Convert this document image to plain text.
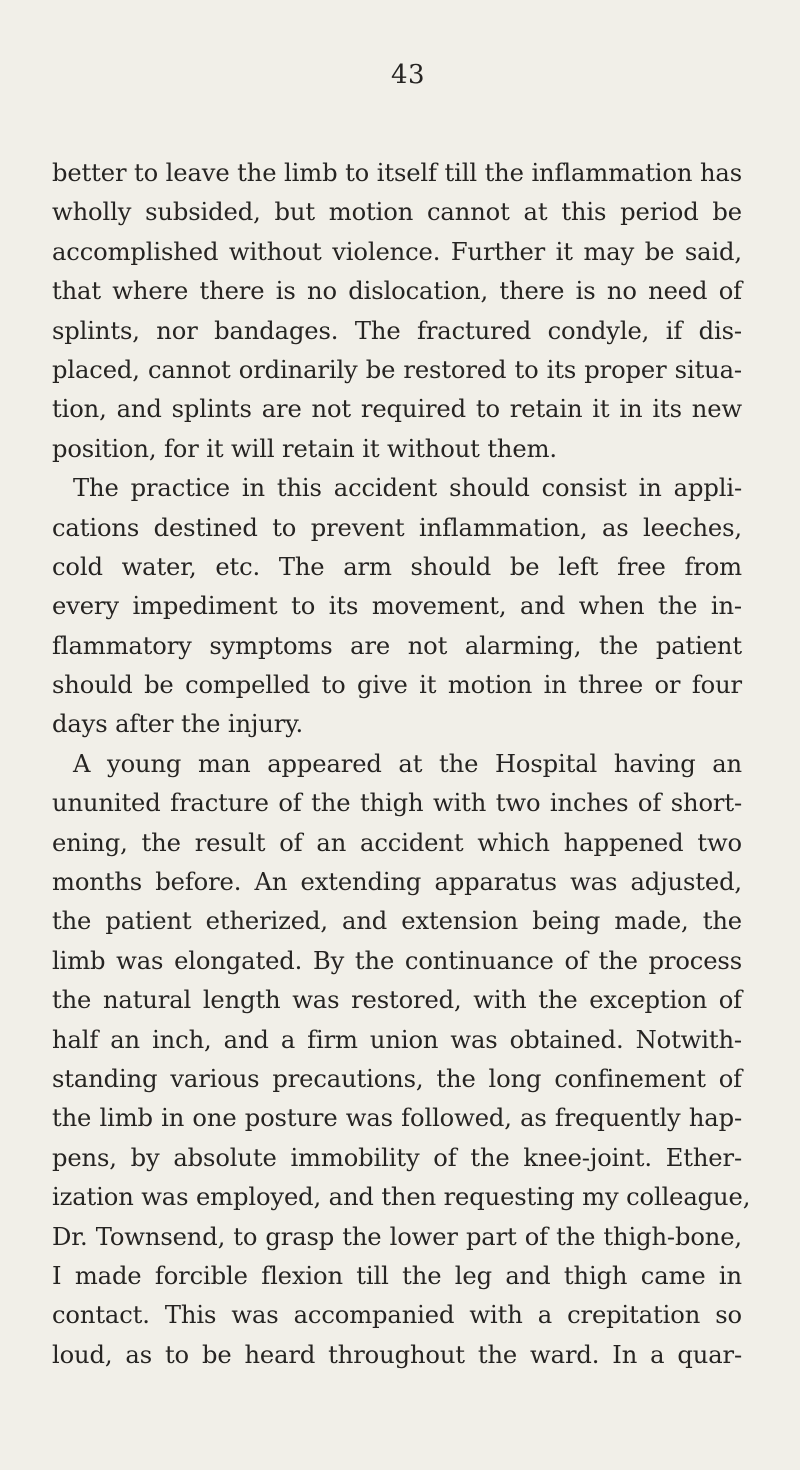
43
better to leave the limb to itself till the inflammation has
wholly subsided, but motion cannot at this period be
accomplished without violence. Further it may be said,
that where there is no dislocation, there is no need of
splints, nor bandages. The fractured condyle, if dis-
placed, cannot ordinarily be restored to its proper situa-
tion, and splints are not required to retain it in its new
position, for it will retain it without them.
The practice in this accident should consist in appli-
cations destined to prevent inflammation, as leeches,
cold water, etc. The arm should be left free from
every impediment to its movement, and when the in-
flammatory symptoms are not alarming, the patient
should be compelled to give it motion in three or four
days after the injury.
A young man appeared at the Hospital having an
ununited fracture of the thigh with two inches of short-
ening, the result of an accident which happened two
months before. An extending apparatus was adjusted,
the patient etherized, and extension being made, the
limb was elongated. By the continuance of the process
the natural length was restored, with the exception of
half an inch, and a firm union was obtained. Notwith-
standing various precautions, the long confinement of
the limb in one posture was followed, as frequently hap-
pens, by absolute immobility of the knee-joint. Ether-
ization was employed, and then requesting my colleague,
Dr. Townsend, to grasp the lower part of the thigh-bone,
I made forcible flexion till the leg and thigh came in
contact. This was accompanied with a crepitation so
loud, as to be heard throughout the ward. In a quar-
